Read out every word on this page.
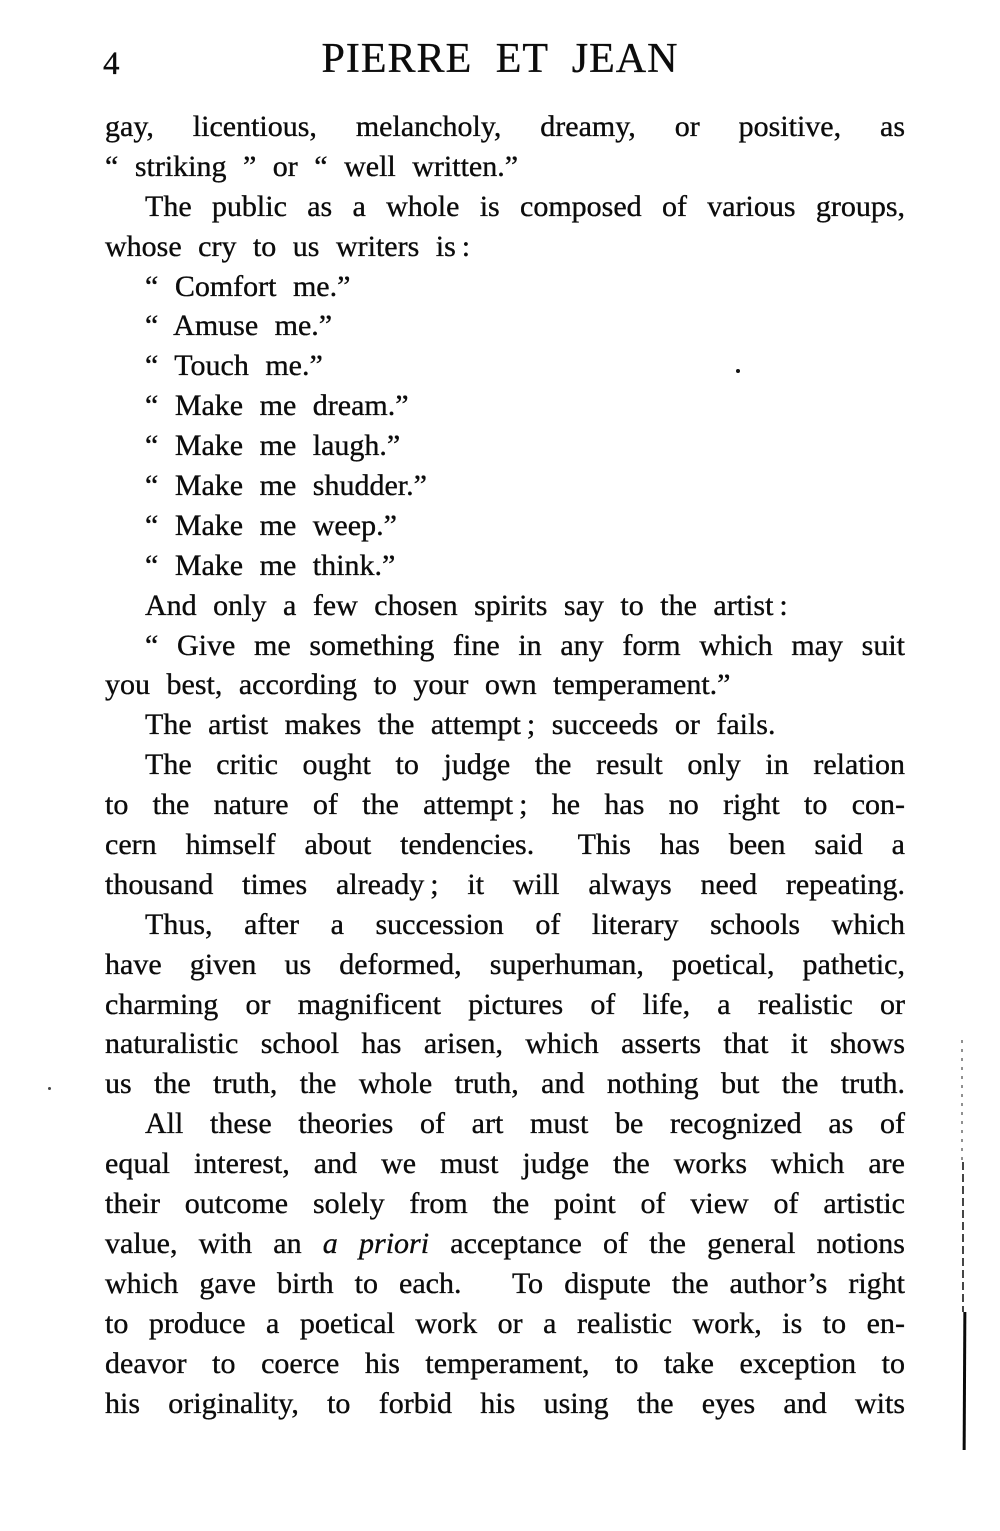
4	PIERRE ET JEAN
gay, licentious, melancholy, dreamy, or positive, as
“ striking ” or “ well written.”
The public as a whole is composed of various groups,
whose cry to us writers is :
“ Comfort me.”
“ Amuse me.”
“ Touch me.”
“ Make me dream.”
“ Make me laugh.”
“ Make me shudder.”
“ Make me weep.”
“ Make me think.”
And only a few chosen spirits say to the artist :
“ Give me something fine in any form which may suit
you best, according to your own temperament.”
The artist makes the attempt ; succeeds or fails.
The critic ought to judge the result only in relation
to the nature of the attempt ; he has no right to con-
cern himself about tendencies.  This has been said a
thousand times already ; it will always need repeating.
Thus, after a succession of literary schools which
have given us deformed, superhuman, poetical, pathetic,
charming or magnificent pictures of life, a realistic or
naturalistic school has arisen, which asserts that it shows
us the truth, the whole truth, and nothing but the truth.
All these theories of art must be recognized as of
equal interest, and we must judge the works which are
their outcome solely from the point of view of artistic
value, with an a priori acceptance of the general notions
which gave birth to each.  To dispute the author’s right
to produce a poetical work or a realistic work, is to en-
deavor to coerce his temperament, to take exception to
his originality, to forbid his using the eyes and wits
